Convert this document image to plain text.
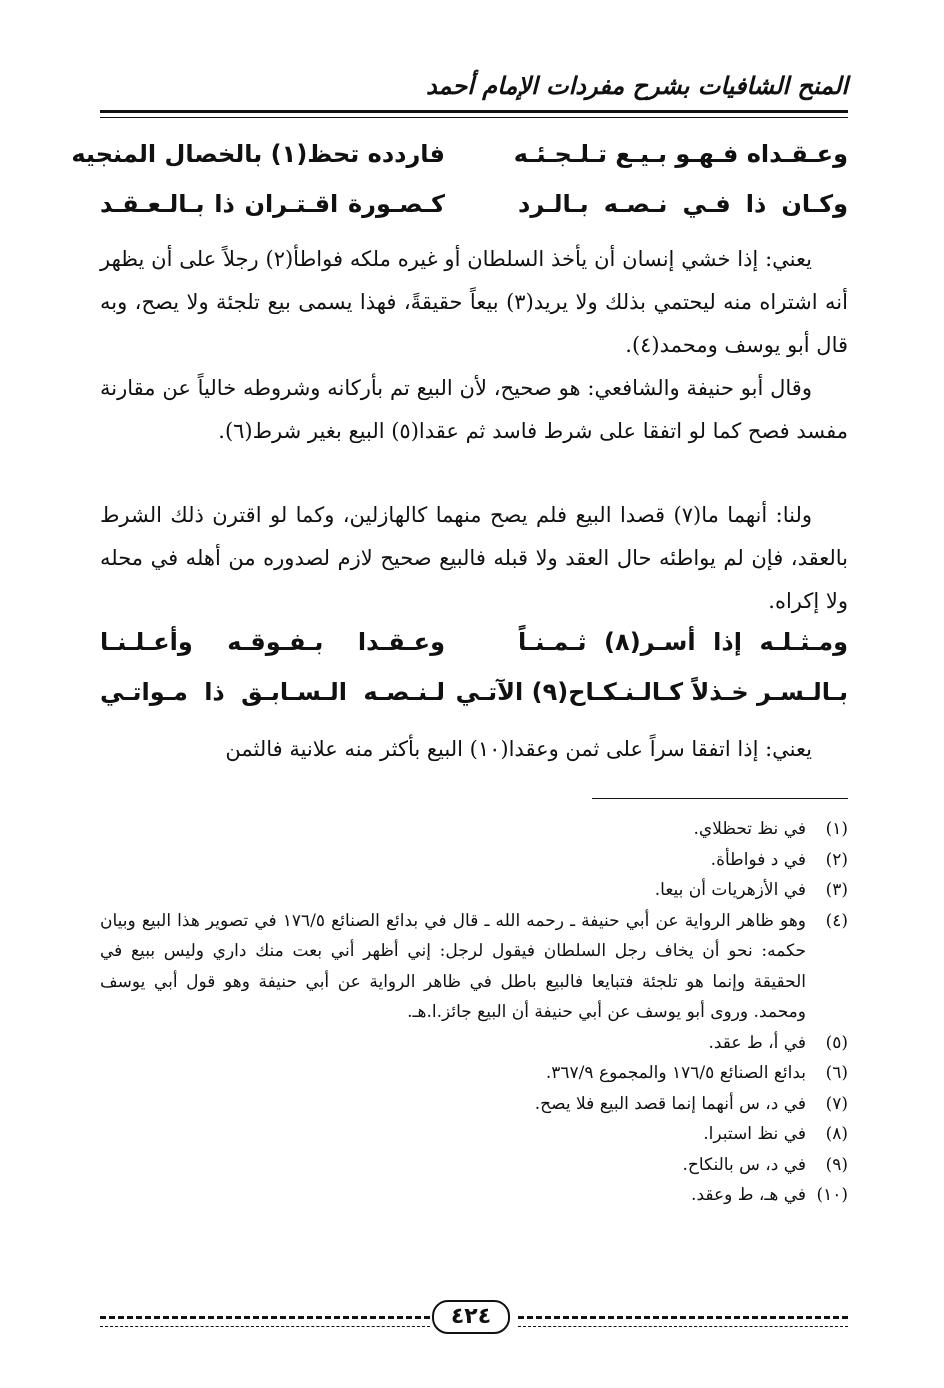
المنح الشافيات بشرح مفردات الإمام أحمد
وعـقـداه فـهـو بـيـع تـلـجـئـه
فاردده تحظ(١) بالخصال المنجيه
وكـان ذا فـي نـصـه بـالـرد
كـصـورة اقـتـران ذا بـالـعـقـد

يعني: إذا خشي إنسان أن يأخذ السلطان أو غيره ملكه فواطأ(٢) رجلاً على أن يظهر أنه اشتراه منه ليحتمي بذلك ولا يريد(٣) بيعاً حقيقةً، فهذا يسمى بيع تلجئة ولا يصح، وبه قال أبو يوسف ومحمد(٤).

وقال أبو حنيفة والشافعي: هو صحيح، لأن البيع تم بأركانه وشروطه خالياً عن مقارنة مفسد فصح كما لو اتفقا على شرط فاسد ثم عقدا(٥) البيع بغير شرط(٦).

ولنا: أنهما ما(٧) قصدا البيع فلم يصح منهما كالهازلين، وكما لو اقترن ذلك الشرط بالعقد، فإن لم يواطئه حال العقد ولا قبله فالبيع صحيح لازم لصدوره من أهله في محله ولا إكراه.

ومـثـلـه إذا أسـر(٨) ثـمـنـاً
وعـقـدا بـفـوقـه وأعـلـنـا
بـالـسـر خـذلاً كـالـنـكـاح(٩) الآتـي
لـنـصـه الـسـابـق ذا مـواتـي

يعني: إذا اتفقا سراً على ثمن وعقدا(١٠) البيع بأكثر منه علانية فالثمن

(١)
في نظ تحظلاي.
(٢)
في د فواطأة.
(٣)
في الأزهريات أن بيعا.
(٤)
وهو ظاهر الرواية عن أبي حنيفة ـ رحمه الله ـ قال في بدائع الصنائع ١٧٦/٥ في تصوير هذا البيع وبيان حكمه: نحو أن يخاف رجل السلطان فيقول لرجل: إني أظهر أني بعت منك داري وليس ببيع في الحقيقة وإنما هو تلجئة فتبايعا فالبيع باطل في ظاهر الرواية عن أبي حنيفة وهو قول أبي يوسف ومحمد. وروى أبو يوسف عن أبي حنيفة أن البيع جائز.ا.هـ.
(٥)
في أ، ط عقد.
(٦)
بدائع الصنائع ١٧٦/٥ والمجموع ٣٦٧/٩.
(٧)
في د، س أنهما إنما قصد البيع فلا يصح.
(٨)
في نظ استبرا.
(٩)
في د، س بالنكاح.
(١٠)
في هـ، ط وعقد.
٤٢٤
